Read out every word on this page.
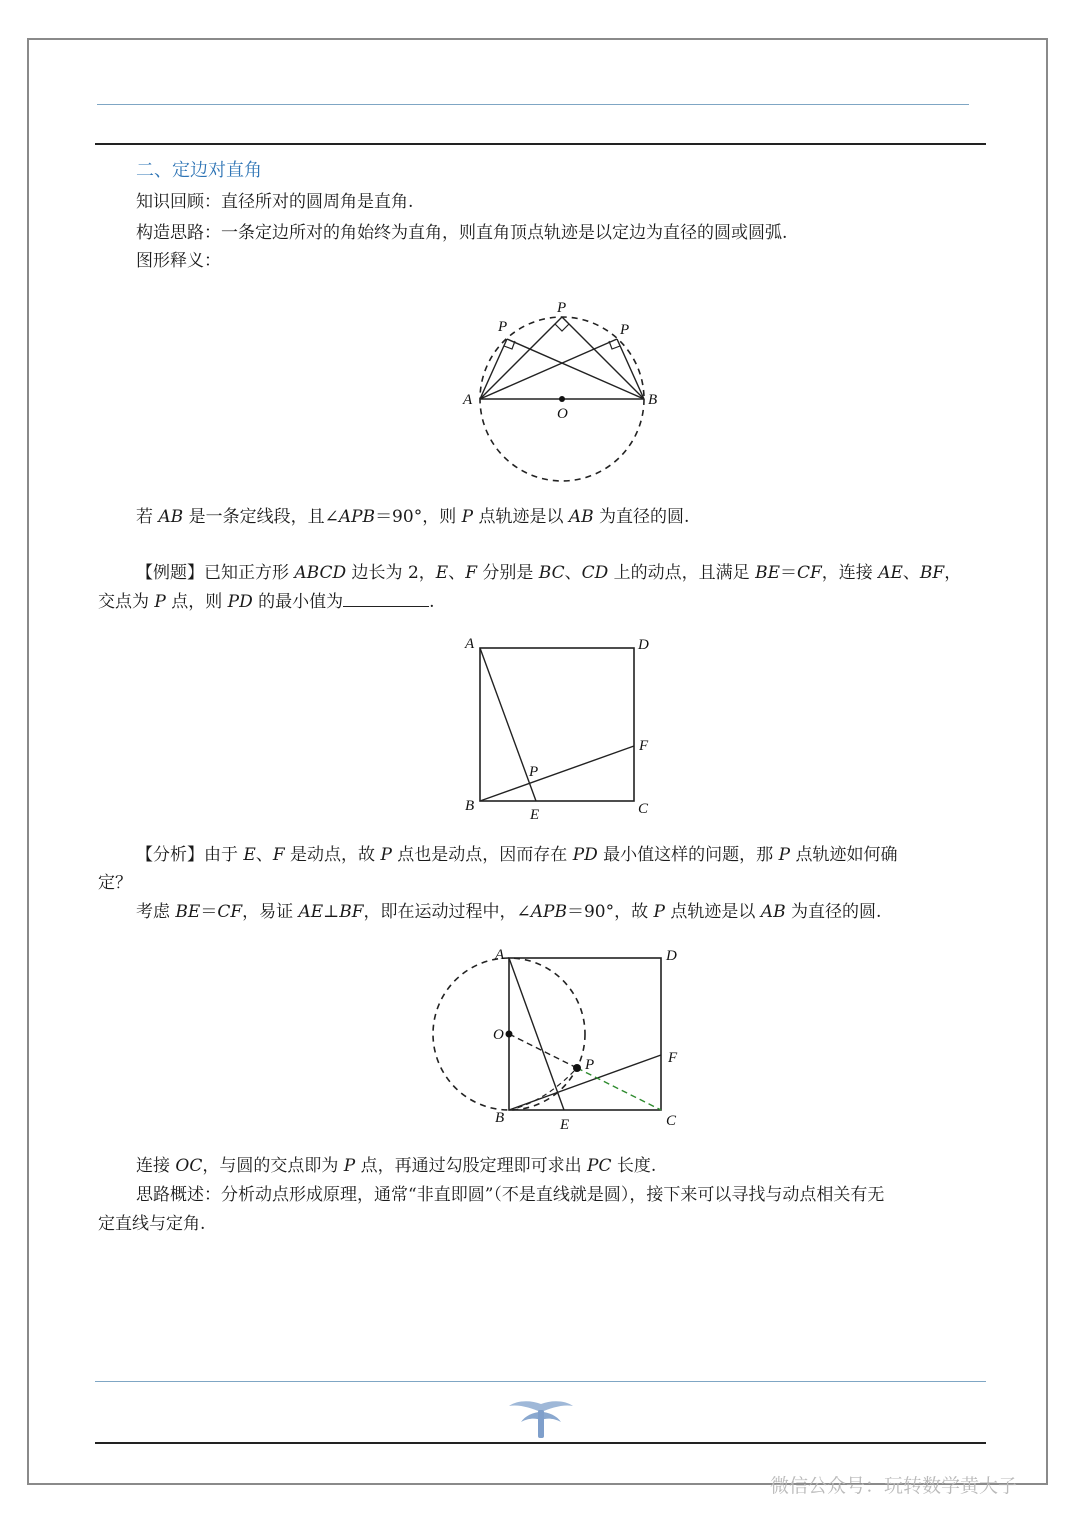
二、定边对直角
知识回顾：直径所对的圆周角是直角.
构造思路：一条定边所对的角始终为直角，则直角顶点轨迹是以定边为直径的圆或圆弧.
图形释义：
A	B
O
P
P	P
若 AB 是一条定线段，且∠APB＝90°，则 P 点轨迹是以 AB 为直径的圆.
【例题】已知正方形 ABCD 边长为 2，E、F 分别是 BC、CD 上的动点，且满足 BE＝CF，连接 AE、BF，
交点为 P 点，则 PD 的最小值为	.
A	D
B	C
E
F
P
【分析】由于 E、F 是动点，故 P 点也是动点，因而存在 PD 最小值这样的问题，那 P 点轨迹如何确
定？
考虑 BE＝CF，易证 AE⊥BF，即在运动过程中，∠APB＝90°，故 P 点轨迹是以 AB 为直径的圆.
A	D
O
B	C
E
F
P
连接 OC，与圆的交点即为 P 点，再通过勾股定理即可求出 PC 长度.
思路概述：分析动点形成原理，通常“非直即圆”（不是直线就是圆），接下来可以寻找与动点相关有无
定直线与定角.
微信公众号：玩转数学黄大子
